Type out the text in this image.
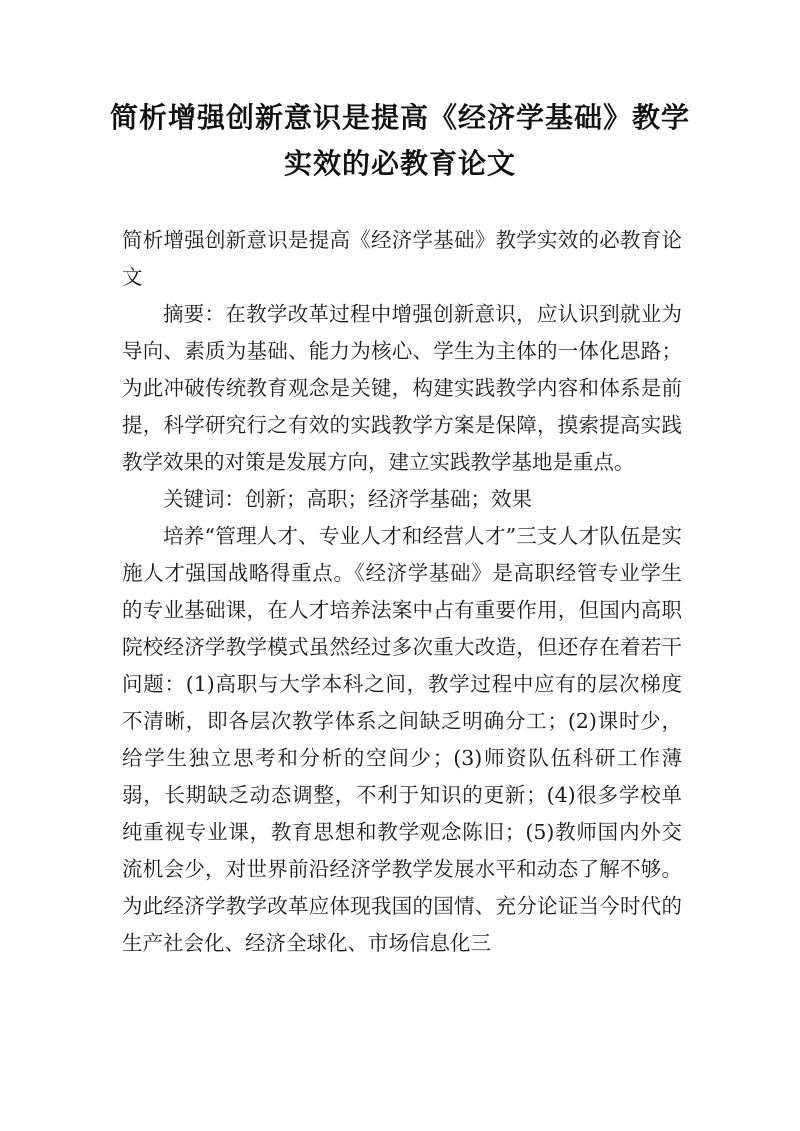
简析增强创新意识是提高《经济学基础》教学实效的必教育论文

简析增强创新意识是提高《经济学基础》教学实效的必教育论文

摘要：在教学改革过程中增强创新意识，应认识到就业为导向、素质为基础、能力为核心、学生为主体的一体化思路；为此冲破传统教育观念是关键，构建实践教学内容和体系是前提，科学研究行之有效的实践教学方案是保障，摸索提高实践教学效果的对策是发展方向，建立实践教学基地是重点。

关键词：创新；高职；经济学基础；效果

培养“管理人才、专业人才和经营人才”三支人才队伍是实施人才强国战略得重点。《经济学基础》是高职经管专业学生的专业基础课，在人才培养法案中占有重要作用，但国内高职院校经济学教学模式虽然经过多次重大改造，但还存在着若干问题：(1)高职与大学本科之间，教学过程中应有的层次梯度不清晰，即各层次教学体系之间缺乏明确分工；(2)课时少，给学生独立思考和分析的空间少；(3)师资队伍科研工作薄弱，长期缺乏动态调整，不利于知识的更新；(4)很多学校单纯重视专业课，教育思想和教学观念陈旧；(5)教师国内外交流机会少，对世界前沿经济学教学发展水平和动态了解不够。为此经济学教学改革应体现我国的国情、充分论证当今时代的生产社会化、经济全球化、市场信息化三
